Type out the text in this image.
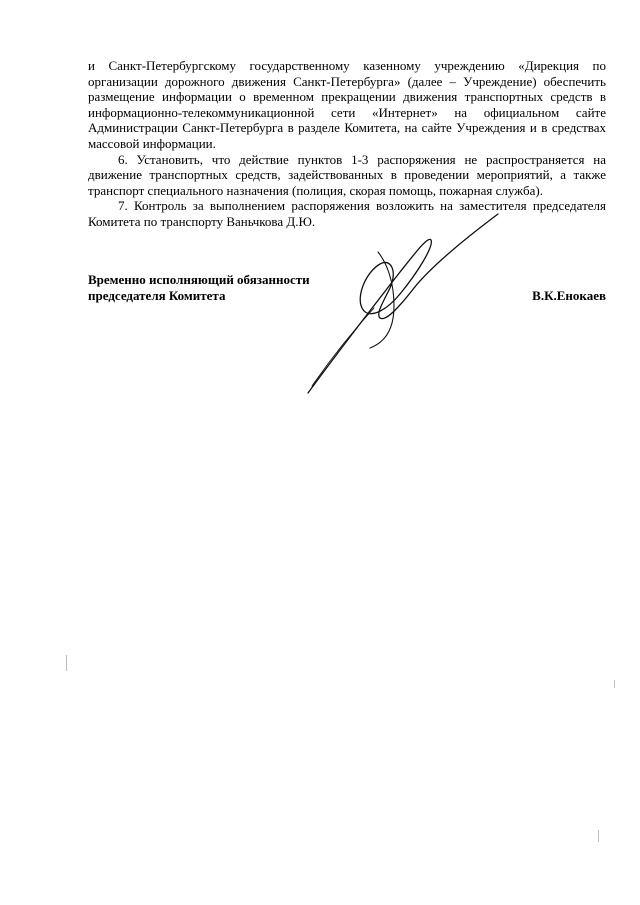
и Санкт-Петербургскому государственному казенному учреждению «Дирекция по организации дорожного движения Санкт-Петербурга» (далее – Учреждение) обеспечить размещение информации о временном прекращении движения транспортных средств в информационно-телекоммуникационной сети «Интернет» на официальном сайте Администрации Санкт-Петербурга в разделе Комитета, на сайте Учреждения и в средствах массовой информации.

6. Установить, что действие пунктов 1-3 распоряжения не распространяется на движение транспортных средств, задействованных в проведении мероприятий, а также транспорт специального назначения (полиция, скорая помощь, пожарная служба).

7. Контроль за выполнением распоряжения возложить на заместителя председателя Комитета по транспорту Ваньчкова Д.Ю.

Временно исполняющий обязанности
председателя Комитета	В.К.Енокаев
